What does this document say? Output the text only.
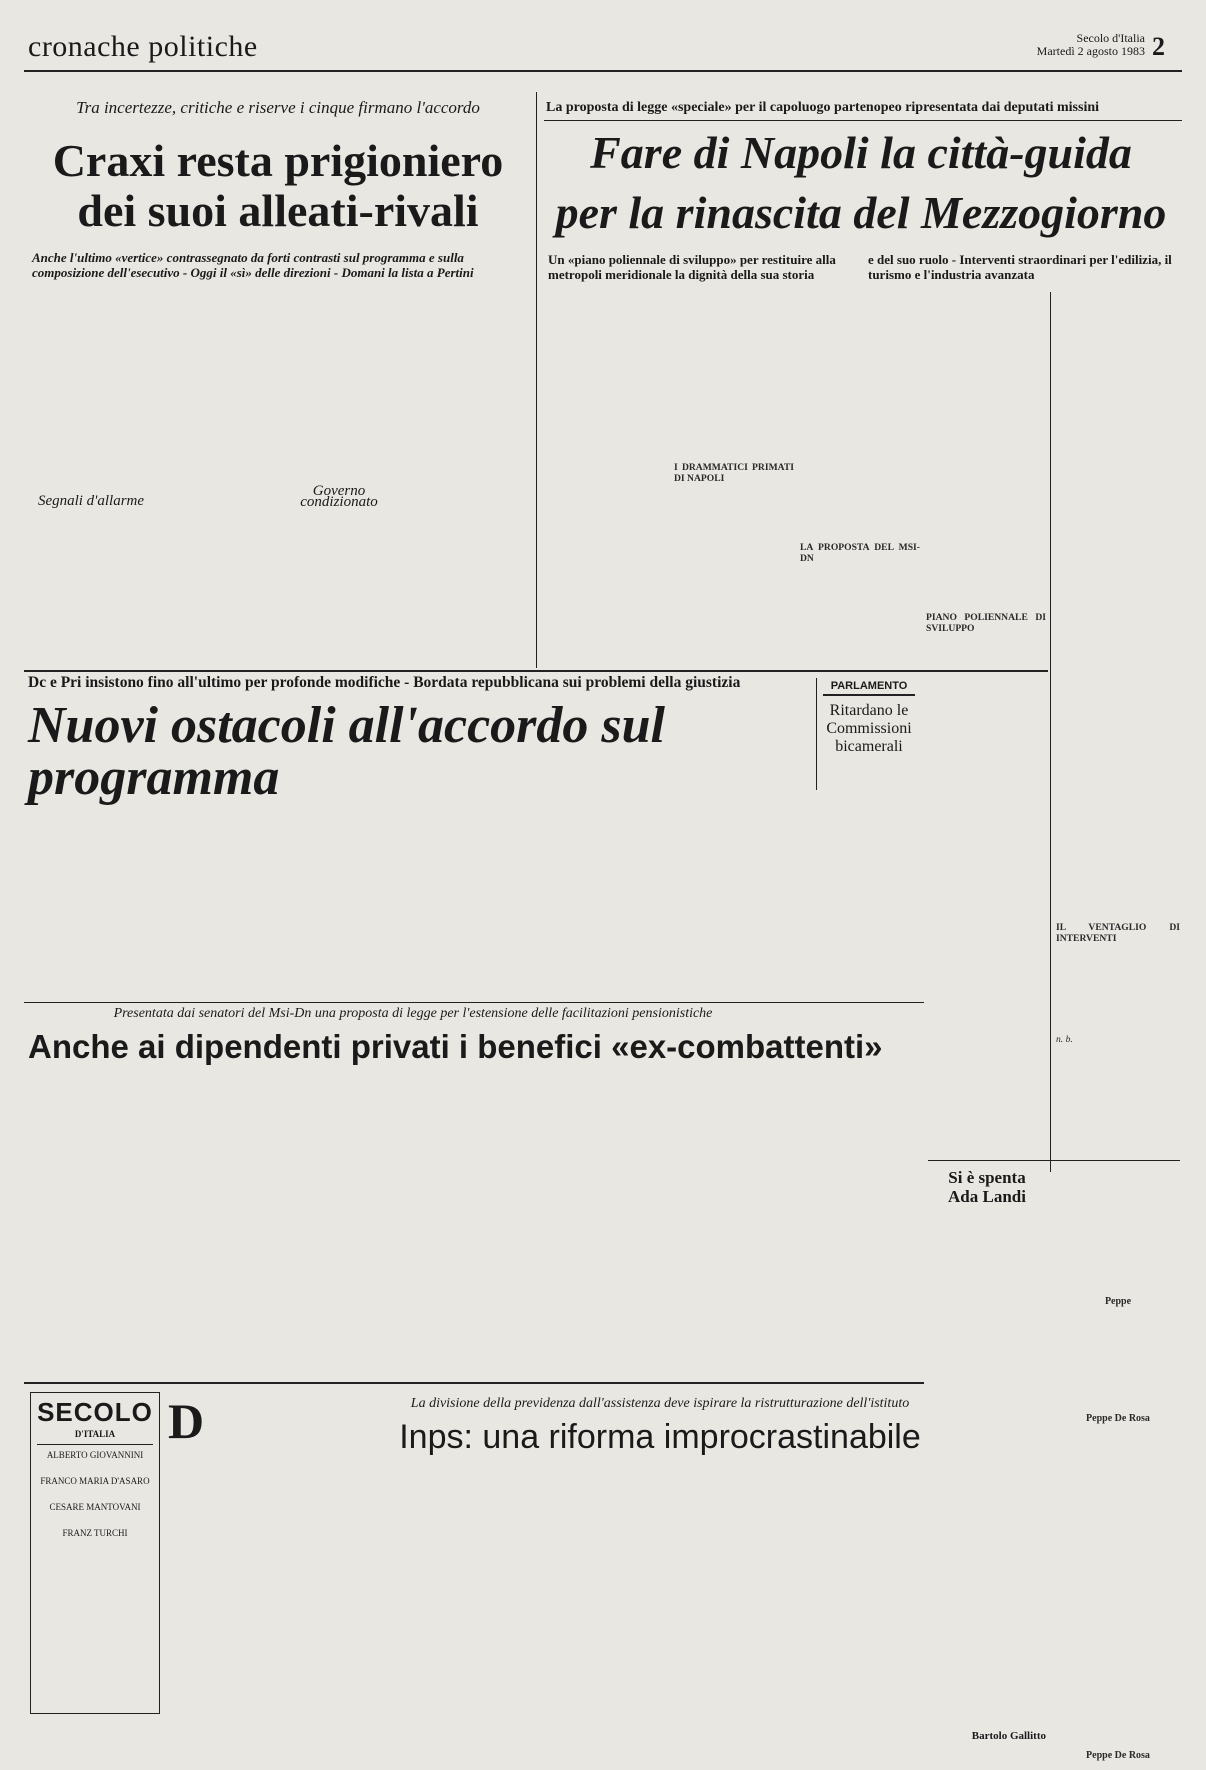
cronache politiche	Secolo d'Italia
Martedì 2 agosto 1983 2
Tra incertezze, critiche e riserve i cinque firmano l'accordo
Craxi resta prigioniero
dei suoi alleati-rivali
Anche l'ultimo «vertice» contrassegnato da forti contrasti sul programma e sulla composizione dell'esecutivo - Oggi il «sì» delle direzioni - Domani la lista a Pertini
Segnali d'allarme
Governo condizionato
La proposta di legge «speciale» per il capoluogo partenopeo ripresentata dai deputati missini
Fare di Napoli la città-guida
per la rinascita del Mezzogiorno
Un «piano poliennale di sviluppo» per restituire alla metropoli meridionale la dignità della sua storia
e del suo ruolo - Interventi straordinari per l'edilizia, il turismo e l'industria avanzata
I DRAMMATICI PRIMATI DI NAPOLI
LA PROPOSTA DEL MSI-DN
PIANO POLIENNALE DI SVILUPPO
IL VENTAGLIO DI INTERVENTI
n. b.
Dc e Pri insistono fino all'ultimo per profonde modifiche - Bordata repubblicana sui problemi della giustizia
Nuovi ostacoli all'accordo sul programma
PARLAMENTO
Ritardano le Commissioni bicamerali
Presentata dai senatori del Msi-Dn una proposta di legge per l'estensione delle facilitazioni pensionistiche
Anche ai dipendenti privati i benefici «ex-combattenti»
Si è spenta Ada Landi
Peppe
Peppe De Rosa
Peppe De Rosa
SECOLO
D'ITALIA
ALBERTO GIOVANNINI
FRANCO MARIA D'ASARO
CESARE MANTOVANI
FRANZ TURCHI
D	La divisione della previdenza dall'assistenza deve ispirare la ristrutturazione dell'istituto
Inps: una riforma improcrastinabile
Bartolo Gallitto
